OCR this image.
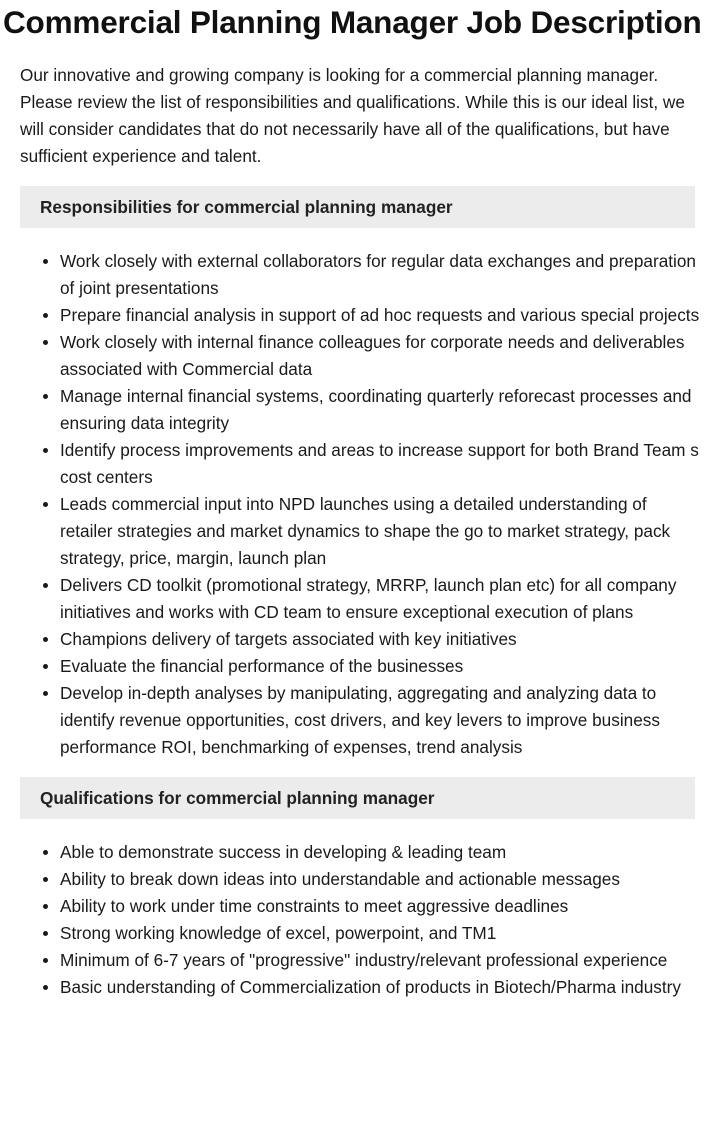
Commercial Planning Manager Job Description

Our innovative and growing company is looking for a commercial planning manager. Please review the list of responsibilities and qualifications. While this is our ideal list, we will consider candidates that do not necessarily have all of the qualifications, but have sufficient experience and talent.

Responsibilities for commercial planning manager
Work closely with external collaborators for regular data exchanges and preparation of joint presentations
Prepare financial analysis in support of ad hoc requests and various special projects
Work closely with internal finance colleagues for corporate needs and deliverables associated with Commercial data
Manage internal financial systems, coordinating quarterly reforecast processes and ensuring data integrity
Identify process improvements and areas to increase support for both Brand Team s cost centers
Leads commercial input into NPD launches using a detailed understanding of retailer strategies and market dynamics to shape the go to market strategy, pack strategy, price, margin, launch plan
Delivers CD toolkit (promotional strategy, MRRP, launch plan etc) for all company initiatives and works with CD team to ensure exceptional execution of plans
Champions delivery of targets associated with key initiatives
Evaluate the financial performance of the businesses
Develop in-depth analyses by manipulating, aggregating and analyzing data to identify revenue opportunities, cost drivers, and key levers to improve business performance ROI, benchmarking of expenses, trend analysis
Qualifications for commercial planning manager
Able to demonstrate success in developing & leading team
Ability to break down ideas into understandable and actionable messages
Ability to work under time constraints to meet aggressive deadlines
Strong working knowledge of excel, powerpoint, and TM1
Minimum of 6-7 years of "progressive" industry/relevant professional experience
Basic understanding of Commercialization of products in Biotech/Pharma industry
